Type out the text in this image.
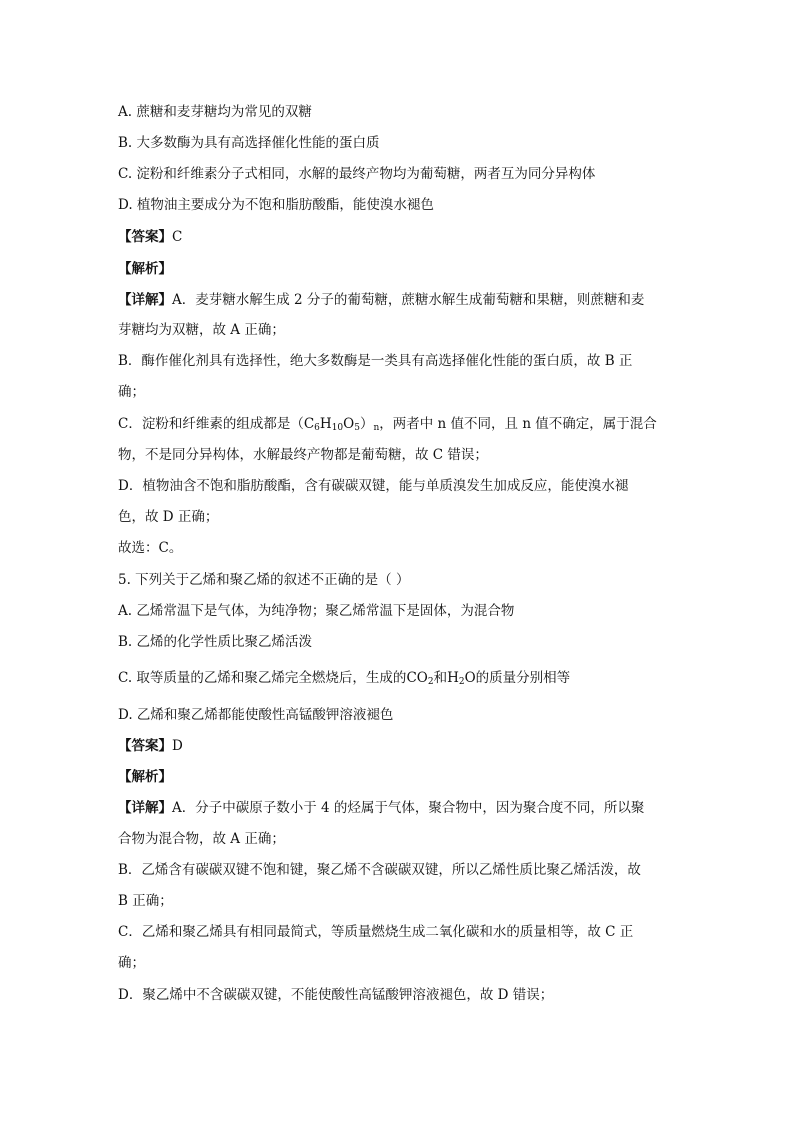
A. 蔗糖和麦芽糖均为常见的双糖
B. 大多数酶为具有高选择催化性能的蛋白质
C. 淀粉和纤维素分子式相同，水解的最终产物均为葡萄糖，两者互为同分异构体
D. 植物油主要成分为不饱和脂肪酸酯，能使溴水褪色
【答案】C
【解析】
【详解】A．麦芽糖水解生成 2 分子的葡萄糖，蔗糖水解生成葡萄糖和果糖，则蔗糖和麦
芽糖均为双糖，故 A 正确；
B．酶作催化剂具有选择性，绝大多数酶是一类具有高选择催化性能的蛋白质，故 B 正
确；
C．淀粉和纤维素的组成都是$(C_6H_{10}O_5)_n$，两者中 n 值不同，且 n 值不确定，属于混合
物，不是同分异构体，水解最终产物都是葡萄糖，故 C 错误；
D．植物油含不饱和脂肪酸酯，含有碳碳双键，能与单质溴发生加成反应，能使溴水褪
色，故 D 正确；
故选：C。
5. 下列关于乙烯和聚乙烯的叙述不正确的是（ ）
A. 乙烯常温下是气体，为纯净物；聚乙烯常温下是固体，为混合物
B. 乙烯的化学性质比聚乙烯活泼
C. 取等质量的乙烯和聚乙烯完全燃烧后，生成的$CO_2$和$H_2O$的质量分别相等
D. 乙烯和聚乙烯都能使酸性高锰酸钾溶液褪色
【答案】D
【解析】
【详解】A．分子中碳原子数小于 4 的烃属于气体，聚合物中，因为聚合度不同，所以聚
合物为混合物，故 A 正确；
B．乙烯含有碳碳双键不饱和键，聚乙烯不含碳碳双键，所以乙烯性质比聚乙烯活泼，故
B 正确；
C．乙烯和聚乙烯具有相同最简式，等质量燃烧生成二氧化碳和水的质量相等，故 C 正
确；
D．聚乙烯中不含碳碳双键，不能使酸性高锰酸钾溶液褪色，故 D 错误；
